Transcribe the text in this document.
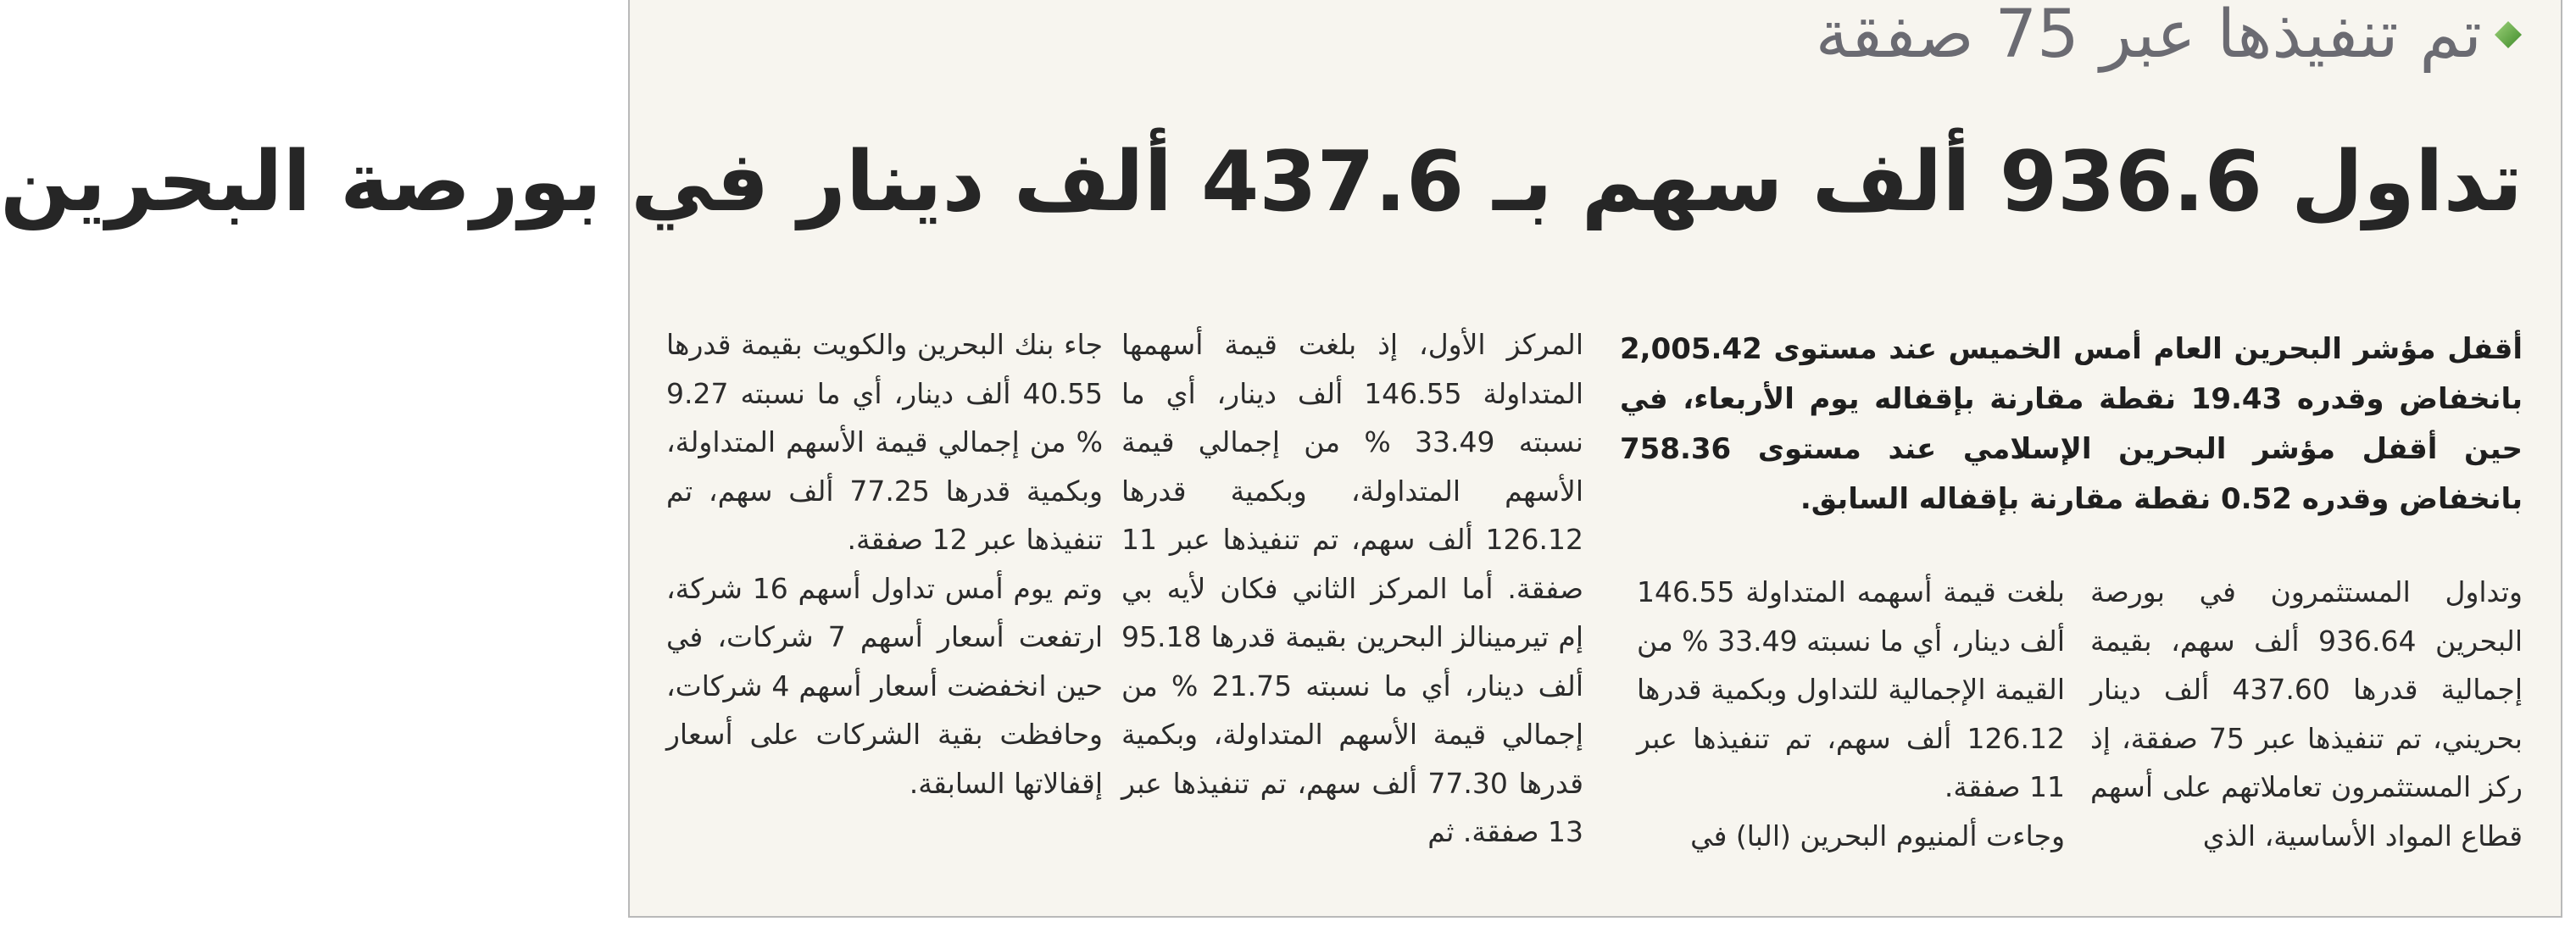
تم تنفيذها عبر 75 صفقة
تداول 936.6 ألف سهم بـ 437.6 ألف دينار في بورصة البحرين
أقفل مؤشر البحرين العام أمس الخميس عند مستوى 2,005.42 بانخفاض وقدره 19.43 نقطة مقارنة بإقفاله يوم الأربعاء، في حين أقفل مؤشر البحرين الإسلامي عند مستوى 758.36 بانخفاض وقدره 0.52 نقطة مقارنة بإقفاله السابق.

وتداول المستثمرون في بورصة البحرين 936.64 ألف سهم، بقيمة إجمالية قدرها 437.60 ألف دينار بحريني، تم تنفيذها عبر 75 صفقة، إذ ركز المستثمرون تعاملاتهم على أسهم قطاع المواد الأساسية، الذي

بلغت قيمة أسهمه المتداولة 146.55 ألف دينار، أي ما نسبته 33.49 % من القيمة الإجمالية للتداول وبكمية قدرها 126.12 ألف سهم، تم تنفيذها عبر 11 صفقة.

وجاءت ألمنيوم البحرين (البا) في

المركز الأول، إذ بلغت قيمة أسهمها المتداولة 146.55 ألف دينار، أي ما نسبته 33.49 % من إجمالي قيمة الأسهم المتداولة، وبكمية قدرها 126.12 ألف سهم، تم تنفيذها عبر 11 صفقة. أما المركز الثاني فكان لأيه بي إم تيرمينالز البحرين بقيمة قدرها 95.18 ألف دينار، أي ما نسبته 21.75 % من إجمالي قيمة الأسهم المتداولة، وبكمية قدرها 77.30 ألف سهم، تم تنفيذها عبر 13 صفقة. ثم

جاء بنك البحرين والكويت بقيمة قدرها 40.55 ألف دينار، أي ما نسبته 9.27 % من إجمالي قيمة الأسهم المتداولة، وبكمية قدرها 77.25 ألف سهم، تم تنفيذها عبر 12 صفقة.

وتم يوم أمس تداول أسهم 16 شركة، ارتفعت أسعار أسهم 7 شركات، في حين انخفضت أسعار أسهم 4 شركات، وحافظت بقية الشركات على أسعار إقفالاتها السابقة.
